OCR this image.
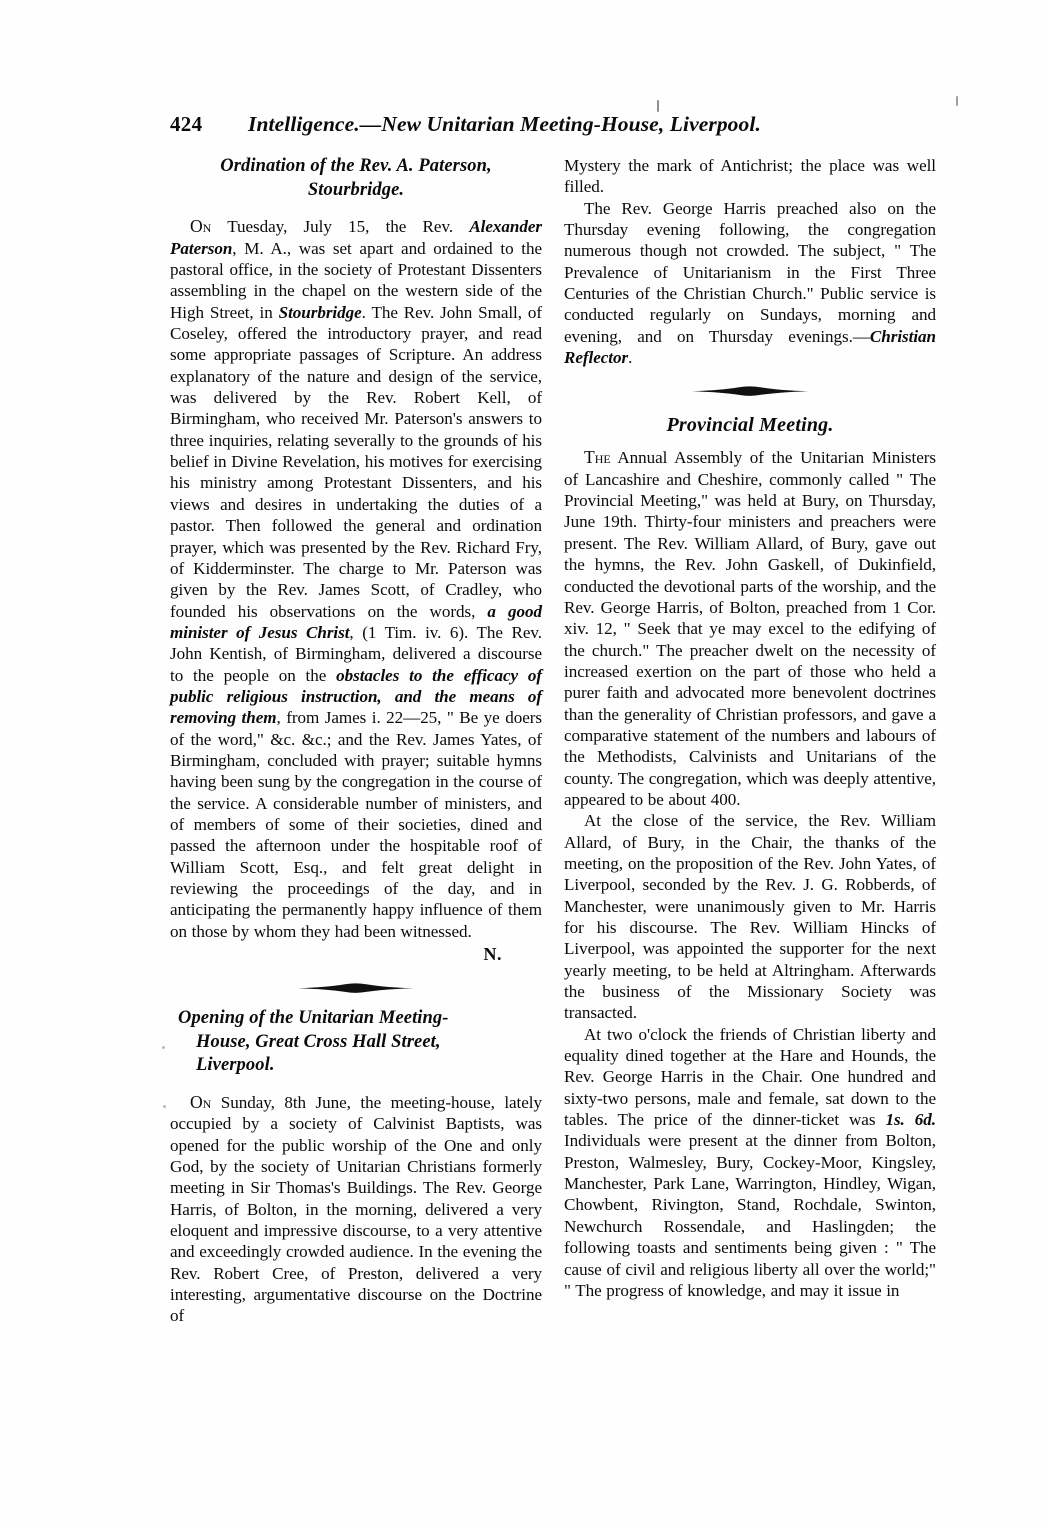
424	Intelligence.—New Unitarian Meeting-House, Liverpool.
Ordination of the Rev. A. Paterson,
Stourbridge.

On Tuesday, July 15, the Rev. Alexander Paterson, M. A., was set apart and ordained to the pastoral office, in the society of Protestant Dissenters assembling in the chapel on the western side of the High Street, in Stourbridge. The Rev. John Small, of Coseley, offered the introductory prayer, and read some appropriate passages of Scripture. An address explanatory of the nature and design of the service, was delivered by the Rev. Robert Kell, of Birmingham, who received Mr. Paterson's answers to three inquiries, relating severally to the grounds of his belief in Divine Revelation, his motives for exercising his ministry among Protestant Dissenters, and his views and desires in undertaking the duties of a pastor. Then followed the general and ordination prayer, which was presented by the Rev. Richard Fry, of Kidderminster. The charge to Mr. Paterson was given by the Rev. James Scott, of Cradley, who founded his observations on the words, a good minister of Jesus Christ, (1 Tim. iv. 6). The Rev. John Kentish, of Birmingham, delivered a discourse to the people on the obstacles to the efficacy of public religious instruction, and the means of removing them, from James i. 22—25, " Be ye doers of the word," &c. &c.; and the Rev. James Yates, of Birmingham, concluded with prayer; suitable hymns having been sung by the congregation in the course of the service. A considerable number of ministers, and of members of some of their societies, dined and passed the afternoon under the hospitable roof of William Scott, Esq., and felt great delight in reviewing the proceedings of the day, and in anticipating the permanently happy influence of them on those by whom they had been witnessed.

N.

Opening of the Unitarian Meeting-
House, Great Cross Hall Street,
Liverpool.

On Sunday, 8th June, the meeting-house, lately occupied by a society of Calvinist Baptists, was opened for the public worship of the One and only God, by the society of Unitarian Christians formerly meeting in Sir Thomas's Buildings. The Rev. George Harris, of Bolton, in the morning, delivered a very eloquent and impressive discourse, to a very attentive and exceedingly crowded audience. In the evening the Rev. Robert Cree, of Preston, delivered a very interesting, argumentative discourse on the Doctrine of

Mystery the mark of Antichrist; the place was well filled.

The Rev. George Harris preached also on the Thursday evening following, the congregation numerous though not crowded. The subject, " The Prevalence of Unitarianism in the First Three Centuries of the Christian Church." Public service is conducted regularly on Sundays, morning and evening, and on Thursday evenings.—Christian Reflector.

Provincial Meeting.

The Annual Assembly of the Unitarian Ministers of Lancashire and Cheshire, commonly called " The Provincial Meeting," was held at Bury, on Thursday, June 19th. Thirty-four ministers and preachers were present. The Rev. William Allard, of Bury, gave out the hymns, the Rev. John Gaskell, of Dukinfield, conducted the devotional parts of the worship, and the Rev. George Harris, of Bolton, preached from 1 Cor. xiv. 12, " Seek that ye may excel to the edifying of the church." The preacher dwelt on the necessity of increased exertion on the part of those who held a purer faith and advocated more benevolent doctrines than the generality of Christian professors, and gave a comparative statement of the numbers and labours of the Methodists, Calvinists and Unitarians of the county. The congregation, which was deeply attentive, appeared to be about 400.

At the close of the service, the Rev. William Allard, of Bury, in the Chair, the thanks of the meeting, on the proposition of the Rev. John Yates, of Liverpool, seconded by the Rev. J. G. Robberds, of Manchester, were unanimously given to Mr. Harris for his discourse. The Rev. William Hincks of Liverpool, was appointed the supporter for the next yearly meeting, to be held at Altringham. Afterwards the business of the Missionary Society was transacted.

At two o'clock the friends of Christian liberty and equality dined together at the Hare and Hounds, the Rev. George Harris in the Chair. One hundred and sixty-two persons, male and female, sat down to the tables. The price of the dinner-ticket was 1s. 6d. Individuals were present at the dinner from Bolton, Preston, Walmesley, Bury, Cockey-Moor, Kingsley, Manchester, Park Lane, Warrington, Hindley, Wigan, Chowbent, Rivington, Stand, Rochdale, Swinton, Newchurch Rossendale, and Haslingden; the following toasts and sentiments being given : " The cause of civil and religious liberty all over the world;" " The progress of knowledge, and may it issue in
